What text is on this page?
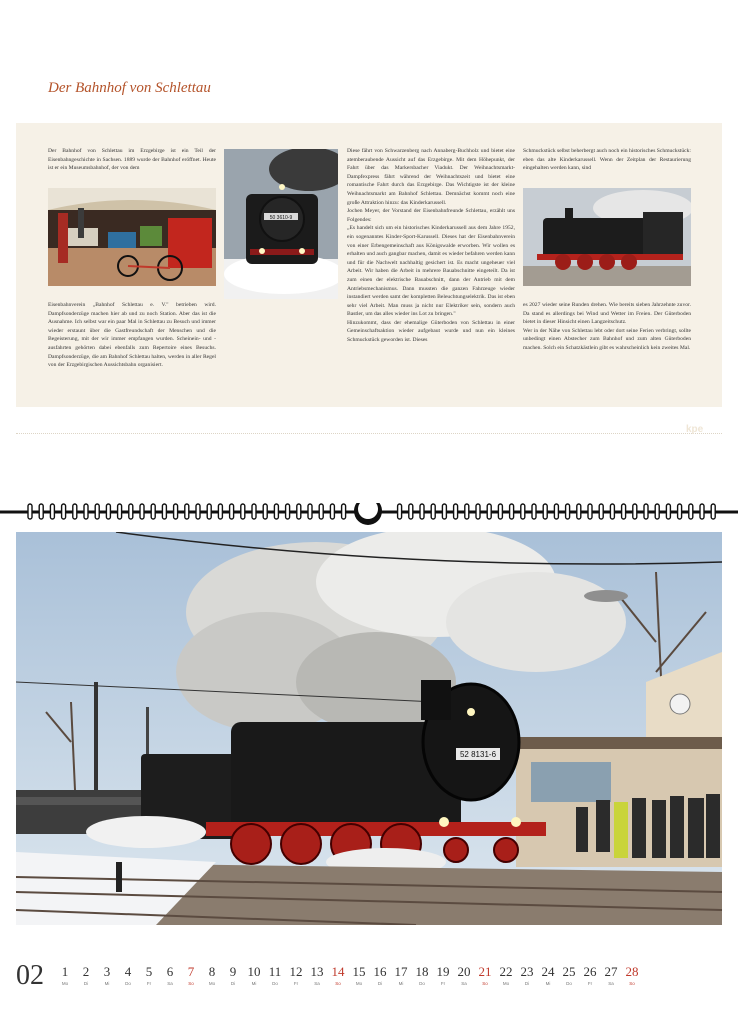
Der Bahnhof von Schlettau

Der Bahnhof von Schlettau im Erzgebirge ist ein Teil der Eisenbahngeschichte in Sachsen. 1889 wurde der Bahnhof eröffnet. Heute ist er ein Museumsbahnhof, der von dem

Eisenbahnverein „Bahnhof Schlettau e. V." betrieben wird. Dampfsonderzüge machen hier ab und zu noch Station. Aber das ist die Ausnahme. Ich selbst war ein paar Mal in Schlettau zu Besuch und immer wieder erstaunt über die Gastfreundschaft der Menschen und die Begeisterung, mit der wir immer empfangen wurden. Scheinein- und -ausfahrten gehörten dabei ebenfalls zum Repertoire eines Besuchs. Dampfsonderzüge, die am Bahnhof Schlettau halten, werden in aller Regel von der Erzgebirgischen Aussichtsbahn organisiert.

50 3610-9

Diese fährt von Schwarzenberg nach Annaberg-Buchholz und bietet eine atemberaubende Aussicht auf das Erzgebirge. Mit dem Höhepunkt, der Fahrt über das Markersbacher Viadukt. Der Weihnachtsmarkt-Dampfexpress fährt während der Weihnachtszeit und bietet eine romantische Fahrt durch das Erzgebirge. Das Wichtigste ist der kleine Weihnachtsmarkt am Bahnhof Schlettau. Demnächst kommt noch eine große Attraktion hinzu: das Kinderkarussell.

Jochen Meyer, der Vorstand der Eisenbahnfreunde Schlettau, erzählt uns Folgendes:

„Es handelt sich um ein historisches Kinderkarussell aus dem Jahre 1952, ein sogenanntes Kinder-Sport-Karussell. Dieses hat der Eisenbahnverein von einer Erbengemeinschaft aus Königswalde erworben. Wir wollen es erhalten und auch gangbar machen, damit es wieder befahren werden kann und für die Nachwelt nachhaltig gesichert ist. Es macht ungeheuer viel Arbeit. Wir haben die Arbeit in mehrere Bauabschnitte eingeteilt. Da ist zum einen der elektrische Bauabschnitt, dann der Antrieb mit dem Antriebsmechanismus. Dann mussten die ganzen Fahrzeuge wieder instandiert werden samt der kompletten Beleuchtungselektrik. Das ist eben sehr viel Arbeit. Man muss ja nicht nur Elektriker sein, sondern auch Bastler, um das alles wieder ins Lot zu bringen."

Hinzukommt, dass der ehemalige Güterboden von Schlettau in einer Gemeinschaftsaktion wieder aufgebaut wurde und nun ein kleines Schmuckstück geworden ist. Dieses

Schmuckstück selbst beherbergt auch noch ein historisches Schmuckstück: eben das alte Kinderkarussell. Wenn der Zeitplan der Restaurierung eingehalten werden kann, sind

es 2027 wieder seine Runden drehen. Wie bereits sieben Jahrzehnte zuvor. Da stand es allerdings bei Wind und Wetter im Freien. Der Güterboden bietet in dieser Hinsicht einen Langzeitschutz.

Wer in der Nähe von Schlettau lebt oder dort seine Ferien verbringt, sollte unbedingt einen Abstecher zum Bahnhof und zum alten Güterboden machen. Solch ein Schatzkästlein gibt es wahrscheinlich kein zweites Mal.

kpe
52 8131-6
02	1
Mo
2
Di
3
Mi
4
Do
5
Fr
6
Sa
7
So
8
Mo
9
Di
10
Mi
11
Do
12
Fr
13
Sa
14
So
15
Mo
16
Di
17
Mi
18
Do
19
Fr
20
Sa
21
So
22
Mo
23
Di
24
Mi
25
Do
26
Fr
27
Sa
28
So
